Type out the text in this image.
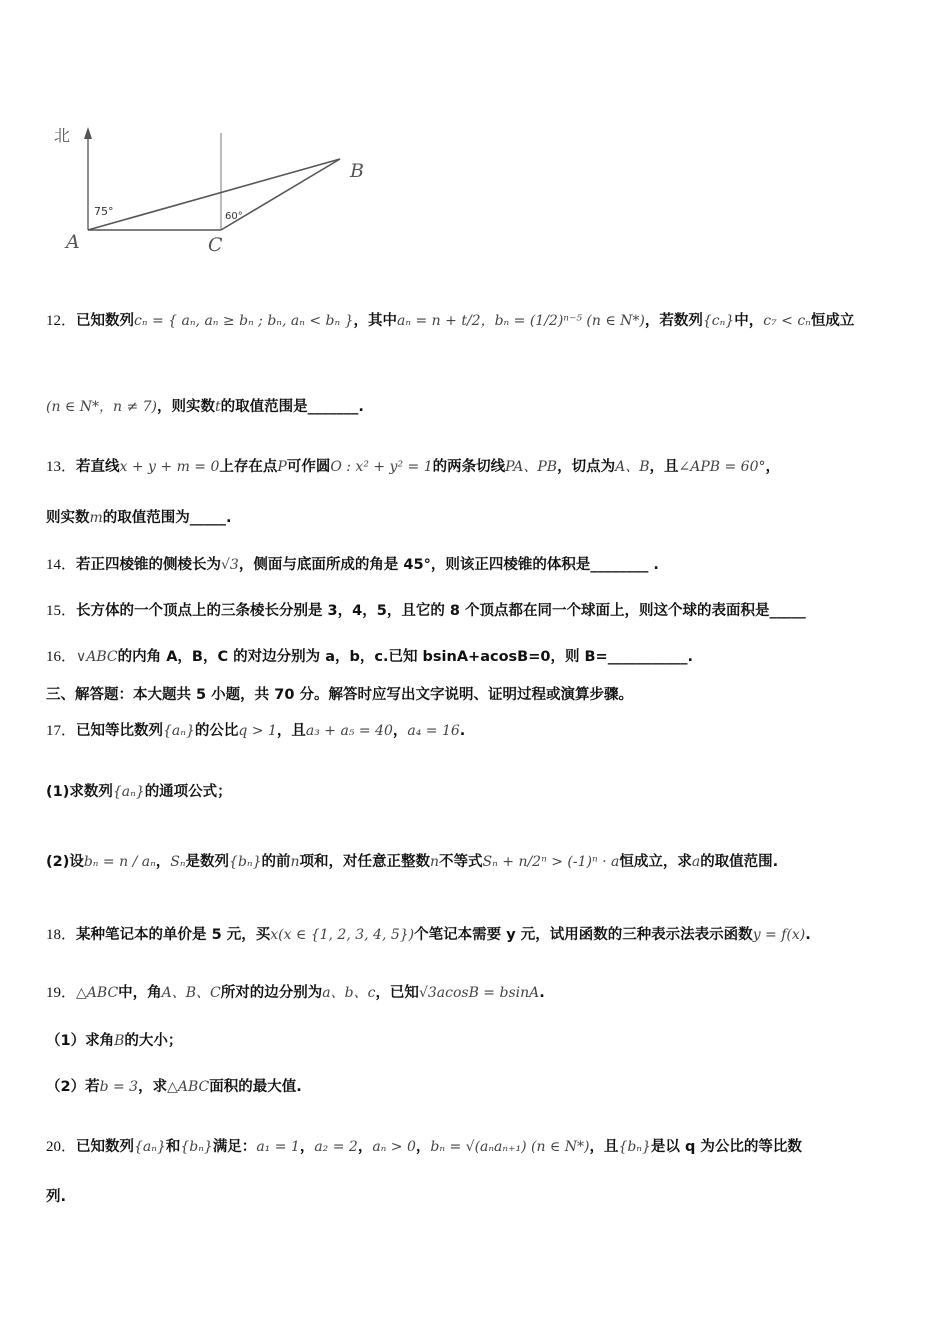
北
75°	60°
A
B
C
12．已知数列cₙ = { aₙ, aₙ ≥ bₙ ; bₙ, aₙ < bₙ }，其中aₙ = n + t/2，bₙ = (1/2)ⁿ⁻⁵ (n ∈ N*)，若数列{cₙ}中，c₇ < cₙ恒成立
(n ∈ N*，n ≠ 7)，则实数t的取值范围是_______.
13．若直线x + y + m = 0上存在点P可作圆O : x² + y² = 1的两条切线PA、PB，切点为A、B，且∠APB = 60°，
则实数m的取值范围为_____.
14．若正四棱锥的侧棱长为√3，侧面与底面所成的角是 45°，则该正四棱锥的体积是________ .
15．长方体的一个顶点上的三条棱长分别是 3，4，5，且它的 8 个顶点都在同一个球面上，则这个球的表面积是_____
16．∨ABC的内角 A，B，C 的对边分别为 a，b，c.已知 bsinA+acosB=0，则 B=___________.
三、解答题：本大题共 5 小题，共 70 分。解答时应写出文字说明、证明过程或演算步骤。
17．已知等比数列{aₙ}的公比q > 1，且a₃ + a₅ = 40，a₄ = 16.
(1)求数列{aₙ}的通项公式；
(2)设bₙ = n / aₙ，Sₙ是数列{bₙ}的前n项和，对任意正整数n不等式Sₙ + n/2ⁿ > (-1)ⁿ · a恒成立，求a的取值范围.
18．某种笔记本的单价是 5 元，买x(x ∈ {1, 2, 3, 4, 5})个笔记本需要 y 元，试用函数的三种表示法表示函数y = f(x).
19．△ABC中，角A、B、C所对的边分别为a、b、c，已知√3acosB = bsinA.
（1）求角B的大小；
（2）若b = 3，求△ABC面积的最大值.
20．已知数列{aₙ}和{bₙ}满足：a₁ = 1，a₂ = 2，aₙ > 0，bₙ = √(aₙaₙ₊₁) (n ∈ N*)，且{bₙ}是以 q 为公比的等比数
列.
